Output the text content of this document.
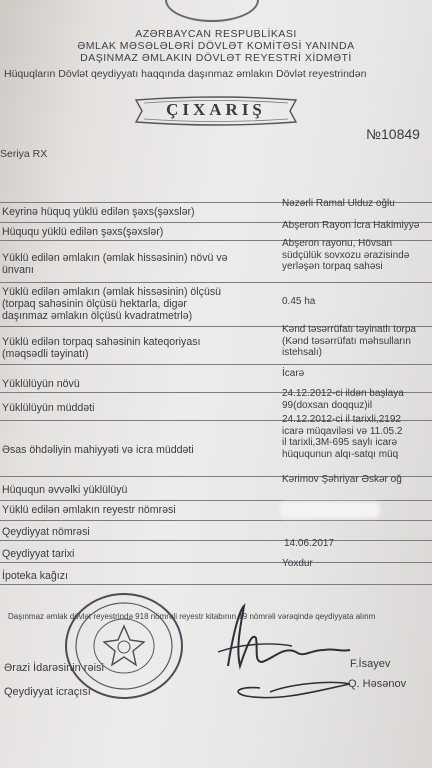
AZƏRBAYCAN RESPUBLİKASI
ƏMLAK MƏSƏLƏLƏRİ DÖVLƏT KOMİTƏSİ YANINDA
DAŞINMAZ ƏMLAKIN DÖVLƏT REYESTRİ XİDMƏTİ
Hüquqların Dövlət qeydiyyatı haqqında daşınmaz əmlakın Dövlət reyestrindən
ÇIXARIŞ
№10849
Seriya RX
Keyrinə hüquq yüklü edilən şəxs(şəxslər)
Nəzərli Ramal Ulduz oğlu
Hüququ yüklü edilən şəxs(şəxslər)
Abşeron Rayon İcra Hakimiyyə
Yüklü edilən əmlakın (əmlak hissəsinin) növü və
ünvanı
Abşeron rayonu, Hövsan
südçülük sovxozu ərazisində
yerləşən torpaq sahəsi
Yüklü edilən əmlakın (əmlak hissəsinin) ölçüsü
(torpaq sahəsinin ölçüsü hektarla, digər
daşınmaz əmlakın ölçüsü kvadratmetrlə)
0.45 ha
Yüklü edilən torpaq sahəsinin kateqoriyası
(məqsədli təyinatı)
Kənd təsərrüfatı təyinatlı torpa
(Kənd təsərrüfatı məhsulların
istehsalı)
Yüklülüyün növü
İcarə
Yüklülüyün müddəti
24.12.2012-ci ildən başlaya
99(doxsan doqquz)il
Əsas öhdəliyin mahiyyəti və icra müddəti
24.12.2012-ci il tarixli,2192
icarə müqaviləsi və 11.05.2
il tarixli,3M-695 saylı icarə
hüququnun alqı-satqı müq
Hüququn əvvəlki yüklülüyü
Kərimov Şəhriyar Əskər oğ
Yüklü edilən əmlakın reyestr nömrəsi
Qeydiyyat nömrəsi
Qeydiyyat tarixi
14.06.2017
İpoteka kağızı
Yoxdur
Daşınmaz əmlak dövlət reyestrində 918 nömrəli reyestr kitabının 19 nömrəli vərəqində qeydiyyata alınm
Ərazi İdarəsinin rəisi	F.İsayev
Qeydiyyat icraçısı
Q. Həsənov
